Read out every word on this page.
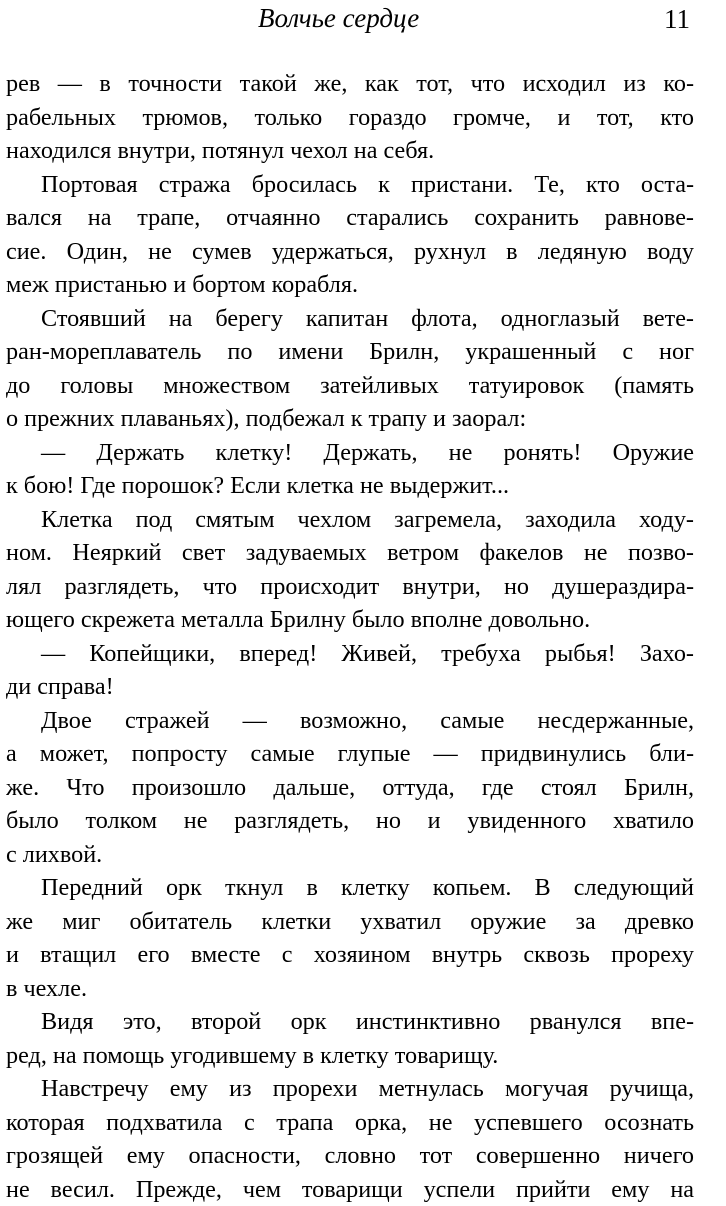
Волчье сердце	11
рев — в точности такой же, как тот, что исходил из ко-
рабельных трюмов, только гораздо громче, и тот, кто
находился внутри, потянул чехол на себя.
Портовая стража бросилась к пристани. Те, кто оста-
вался на трапе, отчаянно старались сохранить равнове-
сие. Один, не сумев удержаться, рухнул в ледяную воду
меж пристанью и бортом корабля.
Стоявший на берегу капитан флота, одноглазый вете-
ран-мореплаватель по имени Брилн, украшенный с ног
до головы множеством затейливых татуировок (память
о прежних плаваньях), подбежал к трапу и заорал:
— Держать клетку! Держать, не ронять! Оружие
к бою! Где порошок? Если клетка не выдержит...
Клетка под смятым чехлом загремела, заходила ходу-
ном. Неяркий свет задуваемых ветром факелов не позво-
лял разглядеть, что происходит внутри, но душераздира-
ющего скрежета металла Брилну было вполне довольно.
— Копейщики, вперед! Живей, требуха рыбья! Захо-
ди справа!
Двое стражей — возможно, самые несдержанные,
а может, попросту самые глупые — придвинулись бли-
же. Что произошло дальше, оттуда, где стоял Брилн,
было толком не разглядеть, но и увиденного хватило
с лихвой.
Передний орк ткнул в клетку копьем. В следующий
же миг обитатель клетки ухватил оружие за древко
и втащил его вместе с хозяином внутрь сквозь прореху
в чехле.
Видя это, второй орк инстинктивно рванулся впе-
ред, на помощь угодившему в клетку товарищу.
Навстречу ему из прорехи метнулась могучая ручища,
которая подхватила с трапа орка, не успевшего осознать
грозящей ему опасности, словно тот совершенно ничего
не весил. Прежде, чем товарищи успели прийти ему на
